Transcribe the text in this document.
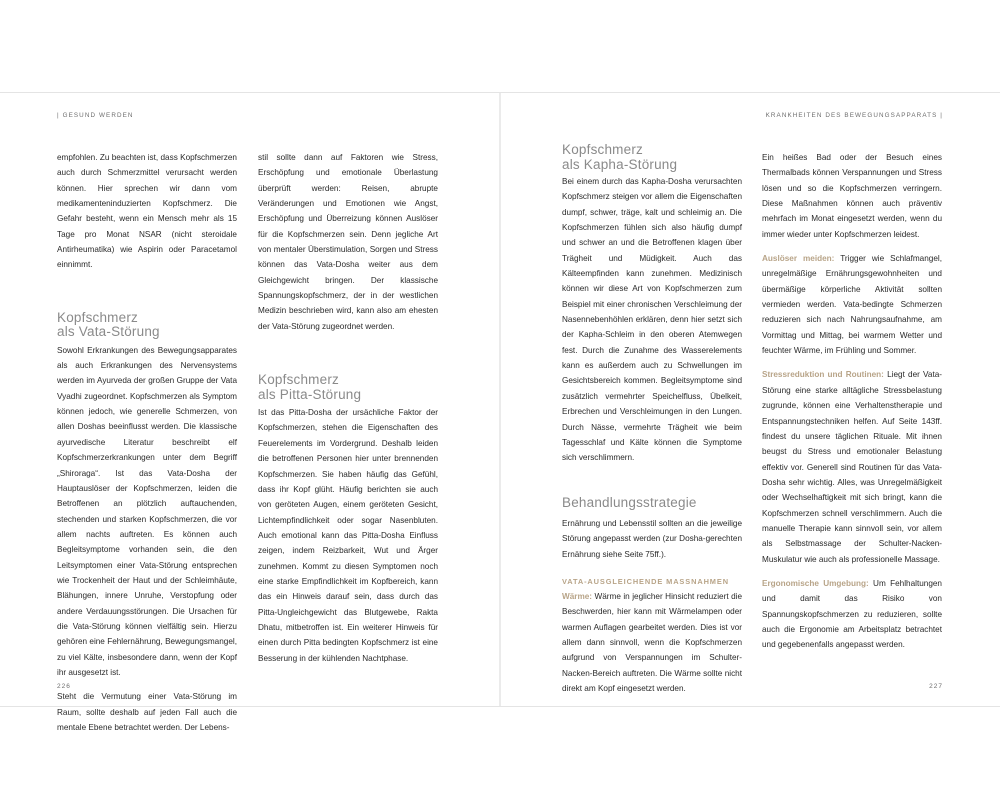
| GESUND WERDEN	KRANKHEITEN DES BEWEGUNGSAPPARATS |

empfohlen. Zu beachten ist, dass Kopfschmerzen auch durch Schmerzmittel verursacht werden können. Hier sprechen wir dann vom medikamenteninduzierten Kopfschmerz. Die Gefahr besteht, wenn ein Mensch mehr als 15 Tage pro Monat NSAR (nicht steroidale Antirheumatika) wie Aspirin oder Paracetamol einnimmt.

Kopfschmerz
als Vata-Störung

Sowohl Erkrankungen des Bewegungsapparates als auch Erkrankungen des Nervensystems werden im Ayurveda der großen Gruppe der Vata Vyadhi zugeordnet. Kopfschmerzen als Symptom können jedoch, wie generelle Schmerzen, von allen Doshas beeinflusst werden. Die klassische ayurvedische Literatur beschreibt elf Kopfschmerzerkrankungen unter dem Begriff „Shiroraga“. Ist das Vata-Dosha der Hauptauslöser der Kopfschmerzen, leiden die Betroffenen an plötzlich auftauchenden, stechenden und starken Kopfschmerzen, die vor allem nachts auftreten. Es können auch Begleitsymptome vorhanden sein, die den Leitsymptomen einer Vata-Störung entsprechen wie Trockenheit der Haut und der Schleimhäute, Blähungen, innere Unruhe, Verstopfung oder andere Verdauungsstörungen. Die Ursachen für die Vata-Störung können vielfältig sein. Hierzu gehören eine Fehlernährung, Bewegungsmangel, zu viel Kälte, insbesondere dann, wenn der Kopf ihr ausgesetzt ist.

Steht die Vermutung einer Vata-Störung im Raum, sollte deshalb auf jeden Fall auch die mentale Ebene betrachtet werden. Der Lebens-

stil sollte dann auf Faktoren wie Stress, Erschöpfung und emotionale Überlastung überprüft werden: Reisen, abrupte Veränderungen und Emotionen wie Angst, Erschöpfung und Überreizung können Auslöser für die Kopfschmerzen sein. Denn jegliche Art von mentaler Überstimulation, Sorgen und Stress können das Vata-Dosha weiter aus dem Gleichgewicht bringen. Der klassische Spannungskopfschmerz, der in der westlichen Medizin beschrieben wird, kann also am ehesten der Vata-Störung zugeordnet werden.

Kopfschmerz
als Pitta-Störung

Ist das Pitta-Dosha der ursächliche Faktor der Kopfschmerzen, stehen die Eigenschaften des Feuerelements im Vordergrund. Deshalb leiden die betroffenen Personen hier unter brennenden Kopfschmerzen. Sie haben häufig das Gefühl, dass ihr Kopf glüht. Häufig berichten sie auch von geröteten Augen, einem geröteten Gesicht, Lichtempfindlichkeit oder sogar Nasenbluten. Auch emotional kann das Pitta-Dosha Einfluss zeigen, indem Reizbarkeit, Wut und Ärger zunehmen. Kommt zu diesen Symptomen noch eine starke Empfindlichkeit im Kopfbereich, kann das ein Hinweis darauf sein, dass durch das Pitta-Ungleichgewicht das Blutgewebe, Rakta Dhatu, mitbetroffen ist. Ein weiterer Hinweis für einen durch Pitta bedingten Kopfschmerz ist eine Besserung in der kühlenden Nachtphase.

Kopfschmerz
als Kapha-Störung

Bei einem durch das Kapha-Dosha verursachten Kopfschmerz steigen vor allem die Eigenschaften dumpf, schwer, träge, kalt und schleimig an. Die Kopfschmerzen fühlen sich also häufig dumpf und schwer an und die Betroffenen klagen über Trägheit und Müdigkeit. Auch das Kälteempfinden kann zunehmen. Medizinisch können wir diese Art von Kopfschmerzen zum Beispiel mit einer chronischen Verschleimung der Nasennebenhöhlen erklären, denn hier setzt sich der Kapha-Schleim in den oberen Atemwegen fest. Durch die Zunahme des Wasserelements kann es außerdem auch zu Schwellungen im Gesichtsbereich kommen. Begleitsymptome sind zusätzlich vermehrter Speichelfluss, Übelkeit, Erbrechen und Verschleimungen in den Lungen. Durch Nässe, vermehrte Trägheit wie beim Tagesschlaf und Kälte können die Symptome sich verschlimmern.

Behandlungsstrategie

Ernährung und Lebensstil sollten an die jeweilige Störung angepasst werden (zur Dosha-gerechten Ernährung siehe Seite 75ff.).

VATA-AUSGLEICHENDE MASSNAHMEN

Wärme: Wärme in jeglicher Hinsicht reduziert die Beschwerden, hier kann mit Wärmelampen oder warmen Auflagen gearbeitet werden. Dies ist vor allem dann sinnvoll, wenn die Kopfschmerzen aufgrund von Verspannungen im Schulter-Nacken-Bereich auftreten. Die Wärme sollte nicht direkt am Kopf eingesetzt werden.

Ein heißes Bad oder der Besuch eines Thermalbads können Verspannungen und Stress lösen und so die Kopfschmerzen verringern. Diese Maßnahmen können auch präventiv mehrfach im Monat eingesetzt werden, wenn du immer wieder unter Kopfschmerzen leidest.

Auslöser meiden: Trigger wie Schlafmangel, unregelmäßige Ernährungsgewohnheiten und übermäßige körperliche Aktivität sollten vermieden werden. Vata-bedingte Schmerzen reduzieren sich nach Nahrungsaufnahme, am Vormittag und Mittag, bei warmem Wetter und feuchter Wärme, im Frühling und Sommer.

Stressreduktion und Routinen: Liegt der Vata-Störung eine starke alltägliche Stressbelastung zugrunde, können eine Verhaltenstherapie und Entspannungstechniken helfen. Auf Seite 143ff. findest du unsere täglichen Rituale. Mit ihnen beugst du Stress und emotionaler Belastung effektiv vor. Generell sind Routinen für das Vata-Dosha sehr wichtig. Alles, was Unregelmäßigkeit oder Wechselhaftigkeit mit sich bringt, kann die Kopfschmerzen schnell verschlimmern. Auch die manuelle Therapie kann sinnvoll sein, vor allem als Selbstmassage der Schulter-Nacken-Muskulatur wie auch als professionelle Massage.

Ergonomische Umgebung: Um Fehlhaltungen und damit das Risiko von Spannungskopfschmerzen zu reduzieren, sollte auch die Ergonomie am Arbeitsplatz betrachtet und gegebenenfalls angepasst werden.

226	227
